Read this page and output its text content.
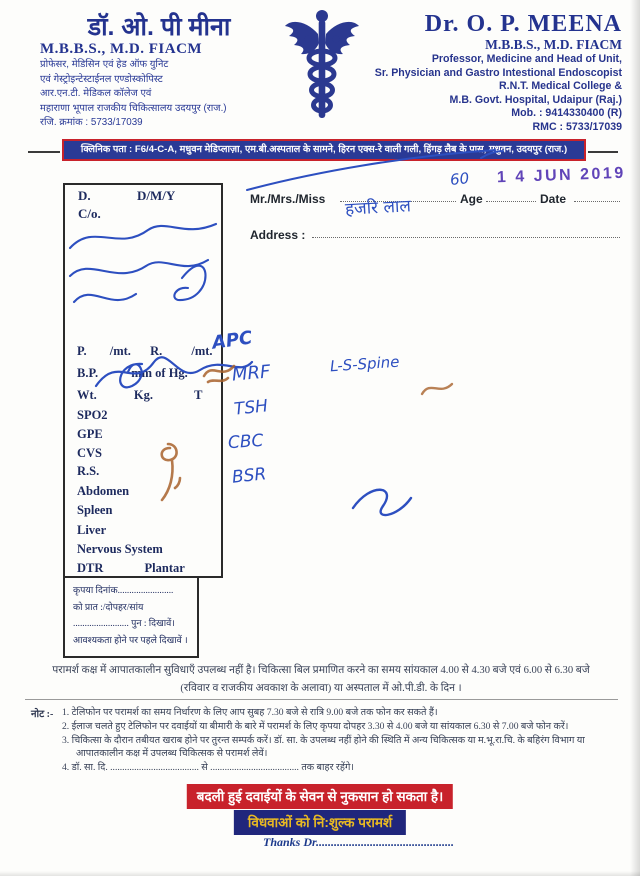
डॉ. ओ. पी मीना
M.B.B.S., M.D. FIACM
प्रोफेसर, मेडिसिन एवं हेड ऑफ युनिट
एवं गेस्ट्रोइन्टेस्टाईनल एण्डोस्कोपिस्ट
आर.एन.टी. मेडिकल कॉलेज एवं
महाराणा भूपाल राजकीय चिकित्सालय उदयपुर (राज.)
रजि. क्रमांक : 5733/17039
Dr. O. P. MEENA
M.B.B.S., M.D. FIACM
Professor, Medicine and Head of Unit,
Sr. Physician and Gastro Intestional Endoscopist
R.N.T. Medical College &
M.B. Govt. Hospital, Udaipur (Raj.)
Mob. : 9414330400 (R)
RMC : 5733/17039
क्लिनिक पता : F6/4-C-A, मधुवन मेडिप्लाज़ा, एम.बी.अस्पताल के सामने, हिरन एक्स-रे वाली गली, हिंगड़ लैब के पास, मधुवन, उदयपुर (राज.)
D.	D/M/Y
C/o.
P. /mt. R. /mt.
B.P.	mm of Hg.
Wt.	Kg.	T
SPO2
GPE
CVS
R.S.
Abdomen
Spleen
Liver
Nervous System
DTR	Plantar
कृपया दिनांक........................
को प्रात :/दोपहर/सांय
........................ पुन : दिखावें।
आवश्यकता होने पर पहले दिखावें ।
Mr./Mrs./Miss	Age	Date
हजरि लाल
60 1 4 JUN 2019
Address :
APC
MRF	L-S-Spine
TSH
CBC
BSR
परामर्श कक्ष में आपातकालीन सुविधाएँ उपलब्ध नहीं है। चिकित्सा बिल प्रमाणित करने का समय सांयकाल 4.00 से 4.30 बजे एवं 6.00 से 6.30 बजे
(रविवार व राजकीय अवकाश के अलावा) या अस्पताल में ओ.पी.डी. के दिन ।
नोट :- 1. टेलिफोन पर परामर्श का समय निर्धारण के लिए आप सुबह 7.30 बजे से रात्रि 9.00 बजे तक फोन कर सकते हैं।
2. ईलाज चलते हुए टेलिफोन पर दवाईयों या बीमारी के बारे में परामर्श के लिए कृपया दोपहर 3.30 से 4.00 बजे या सांयकाल 6.30 से 7.00 बजे फोन करें।
3. चिकित्सा के दौरान तबीयत खराब होने पर तुरन्त सम्पर्क करें। डॉ. सा. के उपलब्ध नहीं होने की स्थिति में अन्य चिकित्सक या म.भू.रा.चि. के बहिरंग विभाग या आपातकालीन कक्ष में उपलब्ध चिकित्सक से परामर्श लेवें।
4. डॉ. सा. दि. ..................................... से ..................................... तक बाहर रहेंगे।
बदली हुई दवाईयों के सेवन से नुकसान हो सकता है।
विधवाओं को नि:शुल्क परामर्श
Thanks Dr..............................................
